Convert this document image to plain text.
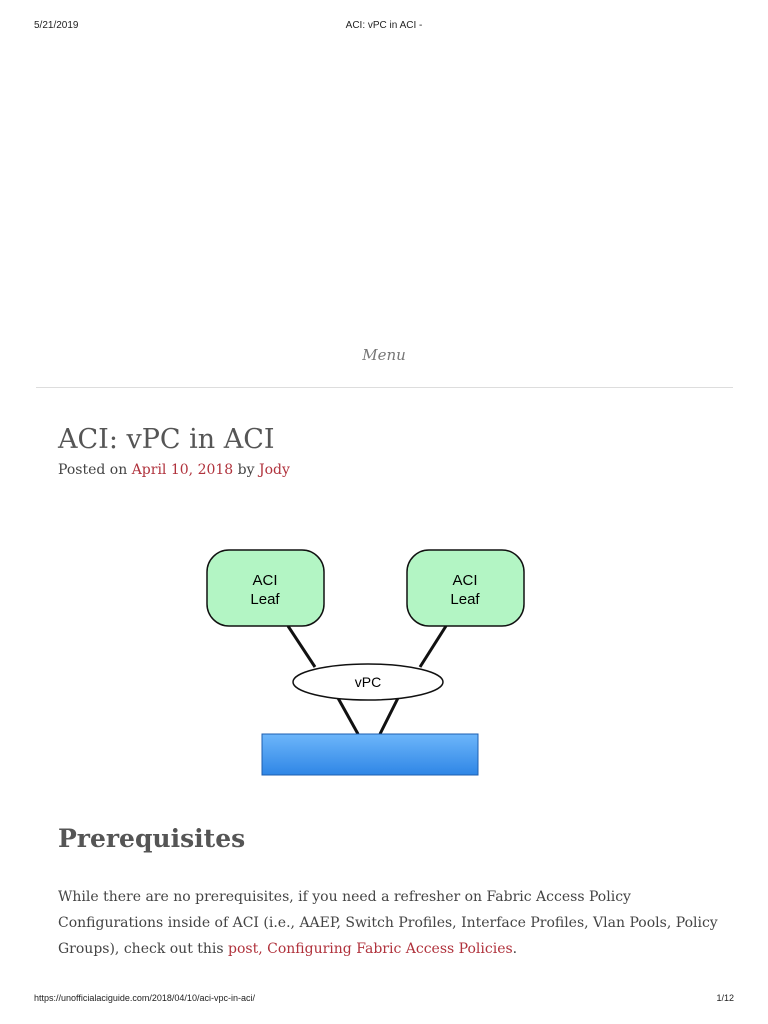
5/21/2019	ACI: vPC in ACI -
Menu
ACI: vPC in ACI
Posted on April 10, 2018 by Jody
ACI
Leaf
ACI
Leaf
vPC
Prerequisites

While there are no prerequisites, if you need a refresher on Fabric Access Policy Configurations inside of ACI (i.e., AAEP, Switch Profiles, Interface Profiles, Vlan Pools, Policy Groups), check out this post, Configuring Fabric Access Policies.

https://unofficialaciguide.com/2018/04/10/aci-vpc-in-aci/	1/12
